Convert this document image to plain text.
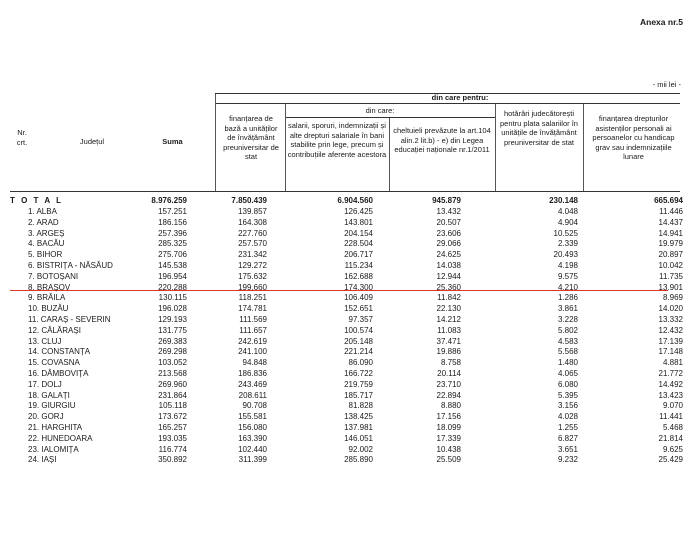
Anexa nr.5
- mii lei -
Nr.
crt.	Județul	Suma
din care pentru:
din care:
finanțarea de bază a unităților de învățământ preuniversitar de stat
salarii, sporuri, indemnizații și alte drepturi salariale în bani stabilite prin lege, precum și contribuțiile aferente acestora
cheltuieli prevăzute la art.104 alin.2 lit.b) - e) din Legea educației naționale nr.1/2011
hotărâri judecătorești pentru plata salariilor în unitățile de învățământ preuniversitar de stat
finanțarea drepturilor asistenților personali ai persoanelor cu handicap grav sau indemnizațiile lunare
T O T A L	8.976.259	7.850.439	6.904.560	945.879	230.148	665.694
1. ALBA	157.251	139.857	126.425	13.432	4.048	11.446
2. ARAD	186.156	164.308	143.801	20.507	4.904	14.437
3. ARGEȘ	257.396	227.760	204.154	23.606	10.525	14.941
4. BACĂU	285.325	257.570	228.504	29.066	2.339	19.979
5. BIHOR	275.706	231.342	206.717	24.625	20.493	20.897
6. BISTRIȚA - NĂSĂUD	145.538	129.272	115.234	14.038	4.198	10.042
7. BOTOȘANI	196.954	175.632	162.688	12.944	9.575	11.735
8. BRAȘOV	220.288	199.660	174.300	25.360	4.210	13.901
9. BRĂILA	130.115	118.251	106.409	11.842	1.286	8.969
10. BUZĂU	196.028	174.781	152.651	22.130	3.861	14.020
11. CARAȘ - SEVERIN	129.193	111.569	97.357	14.212	3.228	13.332
12. CĂLĂRAȘI	131.775	111.657	100.574	11.083	5.802	12.432
13. CLUJ	269.383	242.619	205.148	37.471	4.583	17.139
14. CONSTANȚA	269.298	241.100	221.214	19.886	5.568	17.148
15. COVASNA	103.052	94.848	86.090	8.758	1.480	4.881
16. DÂMBOVIȚA	213.568	186.836	166.722	20.114	4.065	21.772
17. DOLJ	269.960	243.469	219.759	23.710	6.080	14.492
18. GALAȚI	231.864	208.611	185.717	22.894	5.395	13.423
19. GIURGIU	105.118	90.708	81.828	8.880	3.156	9.070
20. GORJ	173.672	155.581	138.425	17.156	4.028	11.441
21. HARGHITA	165.257	156.080	137.981	18.099	1.255	5.468
22. HUNEDOARA	193.035	163.390	146.051	17.339	6.827	21.814
23. IALOMIȚA	116.774	102.440	92.002	10.438	3.651	9.625
24. IAȘI	350.892	311.399	285.890	25.509	9.232	25.429
